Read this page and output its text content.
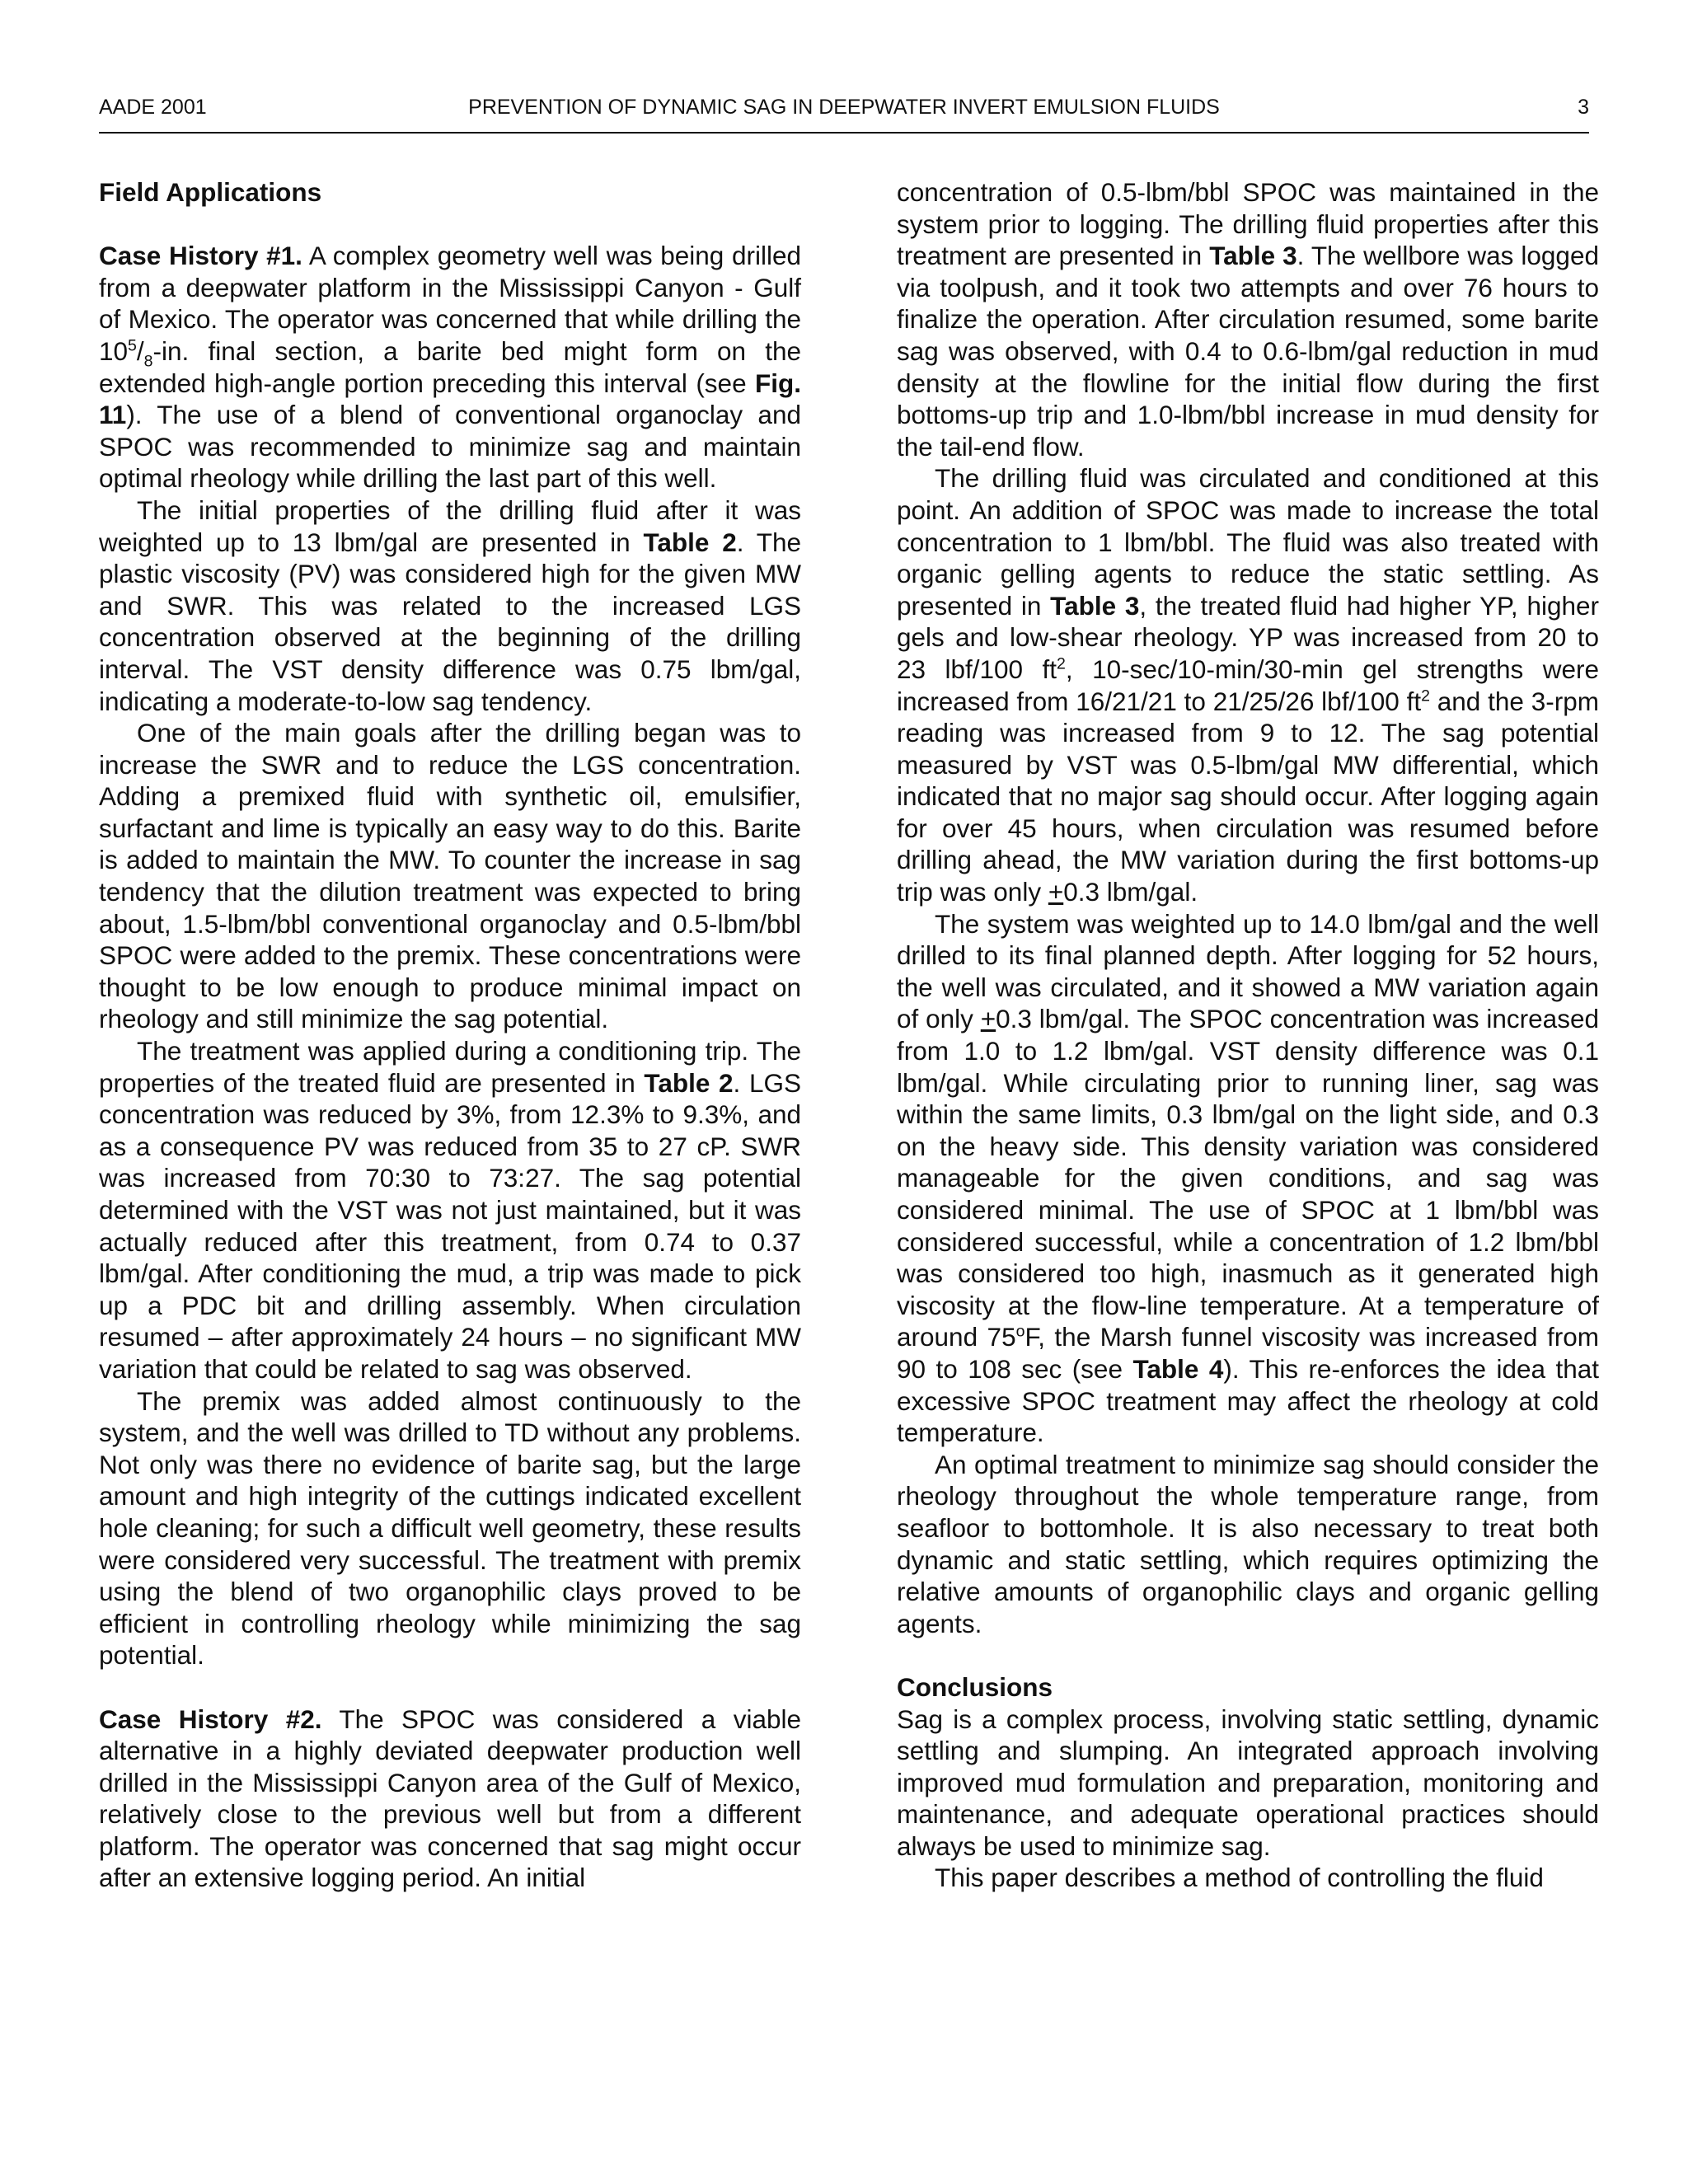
AADE 2001	PREVENTION OF DYNAMIC SAG IN DEEPWATER INVERT EMULSION FLUIDS	3
Field Applications

Case History #1. A complex geometry well was being drilled from a deepwater platform in the Mississippi Canyon - Gulf of Mexico. The operator was concerned that while drilling the $10^5/_8-in$. final section, a barite bed might form on the extended high-angle portion preceding this interval (see Fig. 11). The use of a blend of conventional organoclay and SPOC was recommended to minimize sag and maintain optimal rheology while drilling the last part of this well.

The initial properties of the drilling fluid after it was weighted up to 13 lbm/gal are presented in Table 2. The plastic viscosity (PV) was considered high for the given MW and SWR. This was related to the increased LGS concentration observed at the beginning of the drilling interval. The VST density difference was 0.75 lbm/gal, indicating a moderate-to-low sag tendency.

One of the main goals after the drilling began was to increase the SWR and to reduce the LGS concentration. Adding a premixed fluid with synthetic oil, emulsifier, surfactant and lime is typically an easy way to do this. Barite is added to maintain the MW. To counter the increase in sag tendency that the dilution treatment was expected to bring about, 1.5-lbm/bbl conventional organoclay and 0.5-lbm/bbl SPOC were added to the premix. These concentrations were thought to be low enough to produce minimal impact on rheology and still minimize the sag potential.

The treatment was applied during a conditioning trip. The properties of the treated fluid are presented in Table 2. LGS concentration was reduced by 3%, from 12.3% to 9.3%, and as a consequence PV was reduced from 35 to 27 cP. SWR was increased from 70:30 to 73:27. The sag potential determined with the VST was not just maintained, but it was actually reduced after this treatment, from 0.74 to 0.37 lbm/gal. After conditioning the mud, a trip was made to pick up a PDC bit and drilling assembly. When circulation resumed – after approximately 24 hours – no significant MW variation that could be related to sag was observed.

The premix was added almost continuously to the system, and the well was drilled to TD without any problems. Not only was there no evidence of barite sag, but the large amount and high integrity of the cuttings indicated excellent hole cleaning; for such a difficult well geometry, these results were considered very successful. The treatment with premix using the blend of two organophilic clays proved to be efficient in controlling rheology while minimizing the sag potential.

Case History #2. The SPOC was considered a viable alternative in a highly deviated deepwater production well drilled in the Mississippi Canyon area of the Gulf of Mexico, relatively close to the previous well but from a different platform. The operator was concerned that sag might occur after an extensive logging period. An initial

concentration of 0.5-lbm/bbl SPOC was maintained in the system prior to logging. The drilling fluid properties after this treatment are presented in Table 3. The wellbore was logged via toolpush, and it took two attempts and over 76 hours to finalize the operation. After circulation resumed, some barite sag was observed, with 0.4 to 0.6-lbm/gal reduction in mud density at the flowline for the initial flow during the first bottoms-up trip and 1.0-lbm/bbl increase in mud density for the tail-end flow.

The drilling fluid was circulated and conditioned at this point. An addition of SPOC was made to increase the total concentration to 1 lbm/bbl. The fluid was also treated with organic gelling agents to reduce the static settling. As presented in Table 3, the treated fluid had higher YP, higher gels and low-shear rheology. YP was increased from 20 to 23 lbf/100 $ft^2$, 10-sec/10-min/30-min gel strengths were increased from 16/21/21 to 21/25/26 lbf/100 $ft^2$ and the 3-rpm reading was increased from 9 to 12. The sag potential measured by VST was 0.5-lbm/gal MW differential, which indicated that no major sag should occur. After logging again for over 45 hours, when circulation was resumed before drilling ahead, the MW variation during the first bottoms-up trip was only +0.3 lbm/gal.

The system was weighted up to 14.0 lbm/gal and the well drilled to its final planned depth. After logging for 52 hours, the well was circulated, and it showed a MW variation again of only +0.3 lbm/gal. The SPOC concentration was increased from 1.0 to 1.2 lbm/gal. VST density difference was 0.1 lbm/gal. While circulating prior to running liner, sag was within the same limits, 0.3 lbm/gal on the light side, and 0.3 on the heavy side. This density variation was considered manageable for the given conditions, and sag was considered minimal. The use of SPOC at 1 lbm/bbl was considered successful, while a concentration of 1.2 lbm/bbl was considered too high, inasmuch as it generated high viscosity at the flow-line temperature. At a temperature of around 75$^o$F, the Marsh funnel viscosity was increased from 90 to 108 sec (see Table 4). This re-enforces the idea that excessive SPOC treatment may affect the rheology at cold temperature.

An optimal treatment to minimize sag should consider the rheology throughout the whole temperature range, from seafloor to bottomhole. It is also necessary to treat both dynamic and static settling, which requires optimizing the relative amounts of organophilic clays and organic gelling agents.

Conclusions

Sag is a complex process, involving static settling, dynamic settling and slumping. An integrated approach involving improved mud formulation and preparation, monitoring and maintenance, and adequate operational practices should always be used to minimize sag.

This paper describes a method of controlling the fluid
